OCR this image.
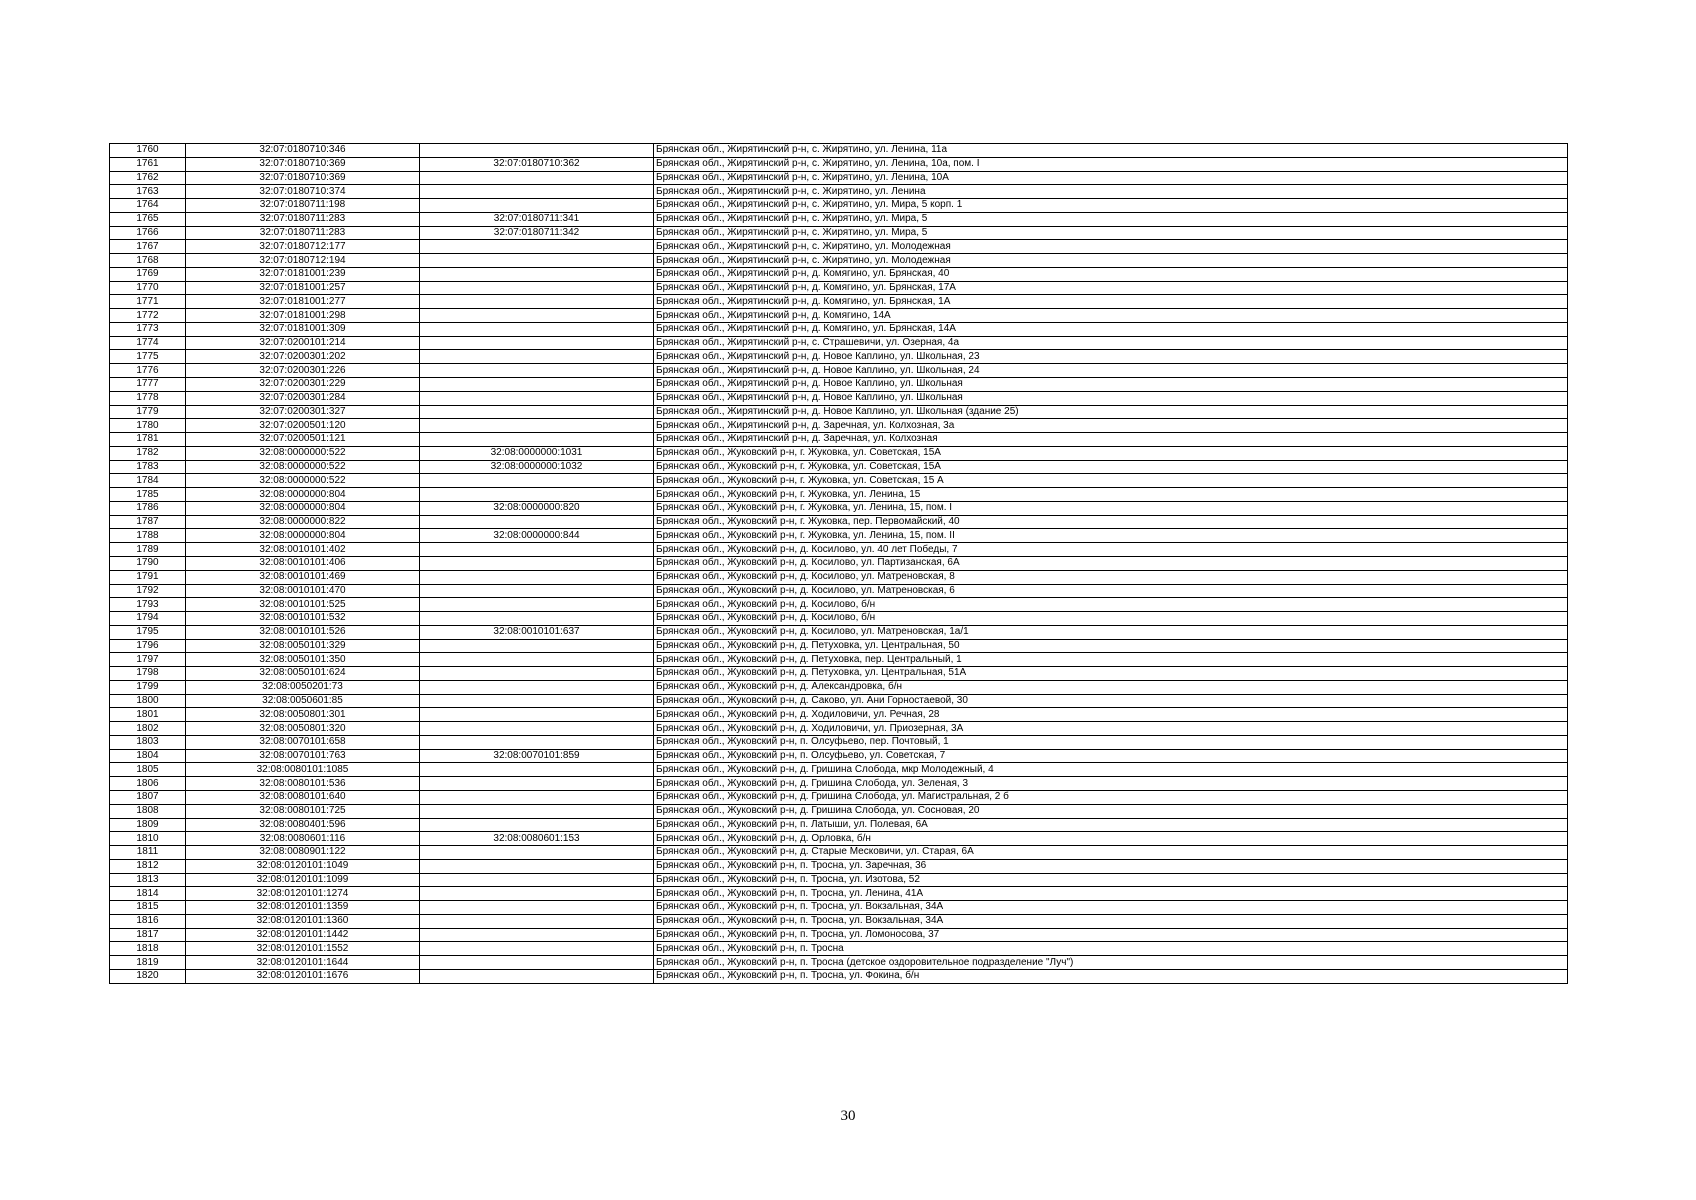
1760	32:07:0180710:346		Брянская обл., Жирятинский р-н, с. Жирятино, ул. Ленина, 11а
1761	32:07:0180710:369	32:07:0180710:362	Брянская обл., Жирятинский р-н, с. Жирятино, ул. Ленина, 10а, пом. I
1762	32:07:0180710:369		Брянская обл., Жирятинский р-н, с. Жирятино, ул. Ленина, 10А
1763	32:07:0180710:374		Брянская обл., Жирятинский р-н, с. Жирятино, ул. Ленина
1764	32:07:0180711:198		Брянская обл., Жирятинский р-н, с. Жирятино, ул. Мира, 5 корп. 1
1765	32:07:0180711:283	32:07:0180711:341	Брянская обл., Жирятинский р-н, с. Жирятино, ул. Мира, 5
1766	32:07:0180711:283	32:07:0180711:342	Брянская обл., Жирятинский р-н, с. Жирятино, ул. Мира, 5
1767	32:07:0180712:177		Брянская обл., Жирятинский р-н, с. Жирятино, ул. Молодежная
1768	32:07:0180712:194		Брянская обл., Жирятинский р-н, с. Жирятино, ул. Молодежная
1769	32:07:0181001:239		Брянская обл., Жирятинский р-н, д. Комягино, ул. Брянская, 40
1770	32:07:0181001:257		Брянская обл., Жирятинский р-н, д. Комягино, ул. Брянская, 17А
1771	32:07:0181001:277		Брянская обл., Жирятинский р-н, д. Комягино, ул. Брянская, 1А
1772	32:07:0181001:298		Брянская обл., Жирятинский р-н, д. Комягино, 14А
1773	32:07:0181001:309		Брянская обл., Жирятинский р-н, д. Комягино, ул. Брянская, 14А
1774	32:07:0200101:214		Брянская обл., Жирятинский р-н, с. Страшевичи, ул. Озерная, 4а
1775	32:07:0200301:202		Брянская обл., Жирятинский р-н, д. Новое Каплино, ул. Школьная, 23
1776	32:07:0200301:226		Брянская обл., Жирятинский р-н, д. Новое Каплино, ул. Школьная, 24
1777	32:07:0200301:229		Брянская обл., Жирятинский р-н, д. Новое Каплино, ул. Школьная
1778	32:07:0200301:284		Брянская обл., Жирятинский р-н, д. Новое Каплино, ул. Школьная
1779	32:07:0200301:327		Брянская обл., Жирятинский р-н, д. Новое Каплино, ул. Школьная (здание 25)
1780	32:07:0200501:120		Брянская обл., Жирятинский р-н, д. Заречная, ул. Колхозная, 3а
1781	32:07:0200501:121		Брянская обл., Жирятинский р-н, д. Заречная, ул. Колхозная
1782	32:08:0000000:522	32:08:0000000:1031	Брянская обл., Жуковский р-н, г. Жуковка, ул. Советская, 15А
1783	32:08:0000000:522	32:08:0000000:1032	Брянская обл., Жуковский р-н, г. Жуковка, ул. Советская, 15А
1784	32:08:0000000:522		Брянская обл., Жуковский р-н, г. Жуковка, ул. Советская, 15 А
1785	32:08:0000000:804		Брянская обл., Жуковский р-н, г. Жуковка, ул. Ленина, 15
1786	32:08:0000000:804	32:08:0000000:820	Брянская обл., Жуковский р-н, г. Жуковка, ул. Ленина, 15, пом. I
1787	32:08:0000000:822		Брянская обл., Жуковский р-н, г. Жуковка, пер. Первомайский, 40
1788	32:08:0000000:804	32:08:0000000:844	Брянская обл., Жуковский р-н, г. Жуковка, ул. Ленина, 15, пом. II
1789	32:08:0010101:402		Брянская обл., Жуковский р-н, д. Косилово, ул. 40 лет Победы, 7
1790	32:08:0010101:406		Брянская обл., Жуковский р-н, д. Косилово, ул. Партизанская, 6А
1791	32:08:0010101:469		Брянская обл., Жуковский р-н, д. Косилово, ул. Матреновская, 8
1792	32:08:0010101:470		Брянская обл., Жуковский р-н, д. Косилово, ул. Матреновская, 6
1793	32:08:0010101:525		Брянская обл., Жуковский р-н, д. Косилово, б/н
1794	32:08:0010101:532		Брянская обл., Жуковский р-н, д. Косилово, б/н
1795	32:08:0010101:526	32:08:0010101:637	Брянская обл., Жуковский р-н, д. Косилово, ул. Матреновская, 1а/1
1796	32:08:0050101:329		Брянская обл., Жуковский р-н, д. Петуховка, ул. Центральная, 50
1797	32:08:0050101:350		Брянская обл., Жуковский р-н, д. Петуховка, пер. Центральный, 1
1798	32:08:0050101:624		Брянская обл., Жуковский р-н, д. Петуховка, ул. Центральная, 51А
1799	32:08:0050201:73		Брянская обл., Жуковский р-н, д. Александровка, б/н
1800	32:08:0050601:85		Брянская обл., Жуковский р-н, д. Саково, ул. Ани Горностаевой, 30
1801	32:08:0050801:301		Брянская обл., Жуковский р-н, д. Ходиловичи, ул. Речная, 28
1802	32:08:0050801:320		Брянская обл., Жуковский р-н, д. Ходиловичи, ул. Приозерная, 3А
1803	32:08:0070101:658		Брянская обл., Жуковский р-н, п. Олсуфьево, пер. Почтовый, 1
1804	32:08:0070101:763	32:08:0070101:859	Брянская обл., Жуковский р-н, п. Олсуфьево, ул. Советская, 7
1805	32:08:0080101:1085		Брянская обл., Жуковский р-н, д. Гришина Слобода, мкр Молодежный, 4
1806	32:08:0080101:536		Брянская обл., Жуковский р-н, д. Гришина Слобода, ул. Зеленая, 3
1807	32:08:0080101:640		Брянская обл., Жуковский р-н, д. Гришина Слобода, ул. Магистральная, 2 б
1808	32:08:0080101:725		Брянская обл., Жуковский р-н, д. Гришина Слобода, ул. Сосновая, 20
1809	32:08:0080401:596		Брянская обл., Жуковский р-н, п. Латыши, ул. Полевая, 6А
1810	32:08:0080601:116	32:08:0080601:153	Брянская обл., Жуковский р-н, д. Орловка, б/н
1811	32:08:0080901:122		Брянская обл., Жуковский р-н, д. Старые Месковичи, ул. Старая, 6А
1812	32:08:0120101:1049		Брянская обл., Жуковский р-н, п. Тросна, ул. Заречная, 36
1813	32:08:0120101:1099		Брянская обл., Жуковский р-н, п. Тросна, ул. Изотова, 52
1814	32:08:0120101:1274		Брянская обл., Жуковский р-н, п. Тросна, ул. Ленина, 41А
1815	32:08:0120101:1359		Брянская обл., Жуковский р-н, п. Тросна, ул. Вокзальная, 34А
1816	32:08:0120101:1360		Брянская обл., Жуковский р-н, п. Тросна, ул. Вокзальная, 34А
1817	32:08:0120101:1442		Брянская обл., Жуковский р-н, п. Тросна, ул. Ломоносова, 37
1818	32:08:0120101:1552		Брянская обл., Жуковский р-н, п. Тросна
1819	32:08:0120101:1644		Брянская обл., Жуковский р-н, п. Тросна (детское оздоровительное подразделение "Луч")
1820	32:08:0120101:1676		Брянская обл., Жуковский р-н, п. Тросна, ул. Фокина, б/н
30
